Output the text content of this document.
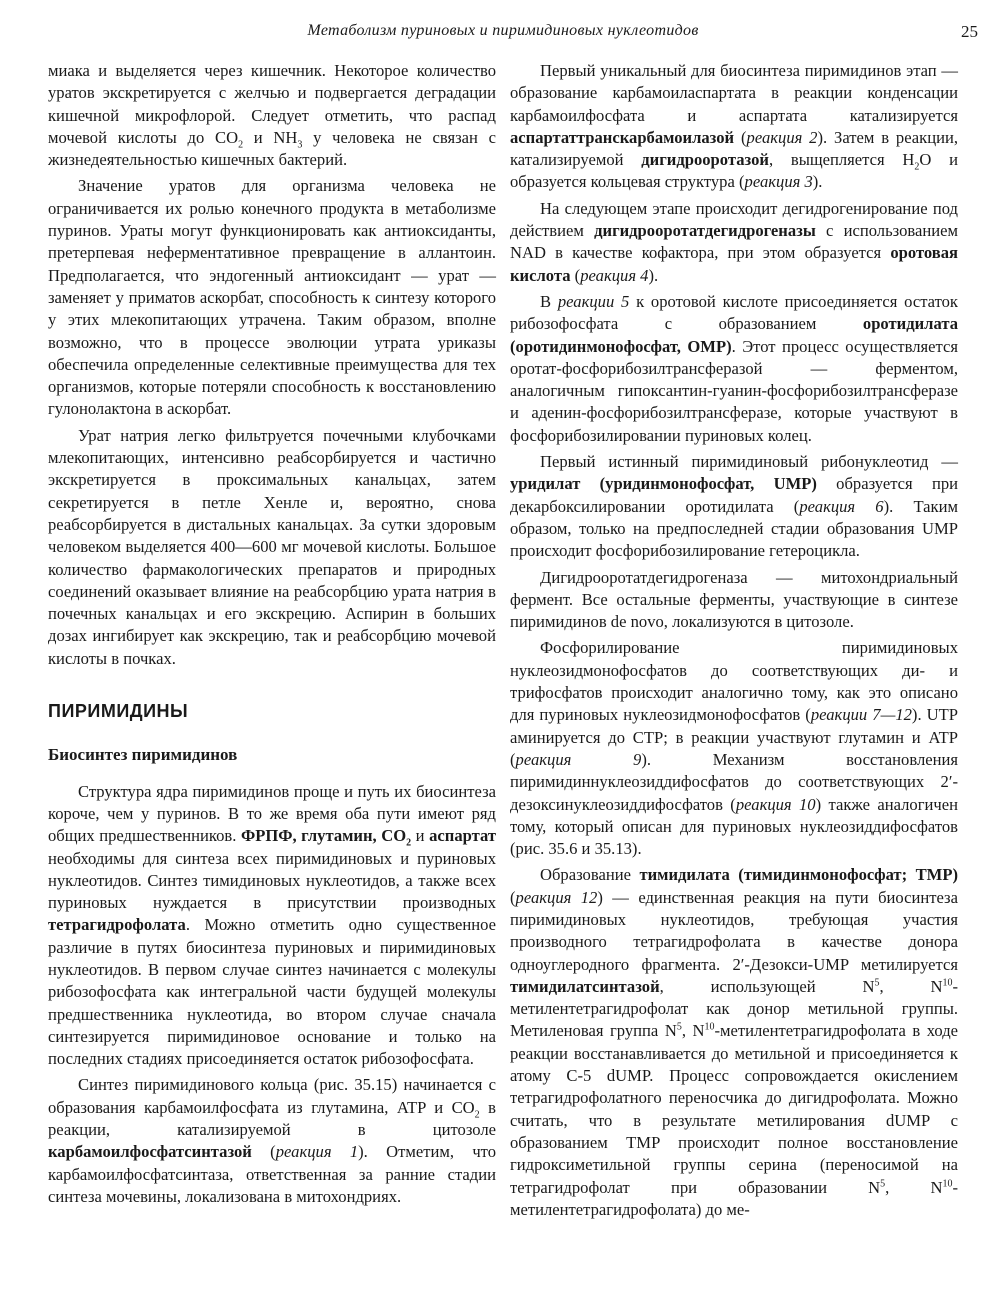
Метаболизм пуриновых и пиримидиновых нуклеотидов	25

миака и выделяется через кишечник. Некоторое количество уратов экскретируется с желчью и подвергается деградации кишечной микрофлорой. Следует отметить, что распад мочевой кислоты до $CO_2$ и $NH_3$ у человека не связан с жизнедеятельностью кишечных бактерий.

Значение уратов для организма человека не ограничивается их ролью конечного продукта в метаболизме пуринов. Ураты могут функционировать как антиоксиданты, претерпевая неферментативное превращение в аллантоин. Предполагается, что эндогенный антиоксидант — урат — заменяет у приматов аскорбат, способность к синтезу которого у этих млекопитающих утрачена. Таким образом, вполне возможно, что в процессе эволюции утрата уриказы обеспечила определенные селективные преимущества для тех организмов, которые потеряли способность к восстановлению гулонолактона в аскорбат.

Урат натрия легко фильтруется почечными клубочками млекопитающих, интенсивно реабсорбируется и частично экскретируется в проксимальных канальцах, затем секретируется в петле Хенле и, вероятно, снова реабсорбируется в дистальных канальцах. За сутки здоровым человеком выделяется 400—600 мг мочевой кислоты. Большое количество фармакологических препаратов и природных соединений оказывает влияние на реабсорбцию урата натрия в почечных канальцах и его экскрецию. Аспирин в больших дозах ингибирует как экскрецию, так и реабсорбцию мочевой кислоты в почках.

ПИРИМИДИНЫ
Биосинтез пиримидинов

Структура ядра пиримидинов проще и путь их биосинтеза короче, чем у пуринов. В то же время оба пути имеют ряд общих предшественников. ФРПФ, глутамин, $CO_2$ и аспартат необходимы для синтеза всех пиримидиновых и пуриновых нуклеотидов. Синтез тимидиновых нуклеотидов, а также всех пуриновых нуждается в присутствии производных тетрагидрофолата. Можно отметить одно существенное различие в путях биосинтеза пуриновых и пиримидиновых нуклеотидов. В первом случае синтез начинается с молекулы рибозофосфата как интегральной части будущей молекулы предшественника нуклеотида, во втором случае сначала синтезируется пиримидиновое основание и только на последних стадиях присоединяется остаток рибозофосфата.

Синтез пиримидинового кольца (рис. 35.15) начинается с образования карбамоилфосфата из глутамина, ATP и $CO_2$ в реакции, катализируемой в цитозоле карбамоилфосфатсинтазой (реакция 1). Отметим, что карбамоилфосфатсинтаза, ответственная за ранние стадии синтеза мочевины, локализована в митохондриях.

Первый уникальный для биосинтеза пиримидинов этап — образование карбамоиласпартата в реакции конденсации карбамоилфосфата и аспартата катализируется аспартаттранскарбамоилазой (реакция 2). Затем в реакции, катализируемой дигидрооротазой, выщепляется $H_2O$ и образуется кольцевая структура (реакция 3).

На следующем этапе происходит дегидрогенирование под действием дигидрооротатдегидрогеназы с использованием NAD в качестве кофактора, при этом образуется оротовая кислота (реакция 4).

В реакции 5 к оротовой кислоте присоединяется остаток рибозофосфата с образованием оротидилата (оротидинмонофосфат, OMP). Этот процесс осуществляется оротат-фосфорибозилтрансферазой — ферментом, аналогичным гипоксантин-гуанин-фосфорибозилтрансферазе и аденин-фосфорибозилтрансферазе, которые участвуют в фосфорибозилировании пуриновых колец.

Первый истинный пиримидиновый рибонуклеотид — уридилат (уридинмонофосфат, UMP) образуется при декарбоксилировании оротидилата (реакция 6). Таким образом, только на предпоследней стадии образования UMP происходит фосфорибозилирование гетероцикла.

Дигидрооротатдегидрогеназа — митохондриальный фермент. Все остальные ферменты, участвующие в синтезе пиримидинов de novo, локализуются в цитозоле.

Фосфорилирование пиримидиновых нуклеозидмонофосфатов до соответствующих ди- и трифосфатов происходит аналогично тому, как это описано для пуриновых нуклеозидмонофосфатов (реакции 7—12). UTP аминируется до CTP; в реакции участвуют глутамин и ATP (реакция 9). Механизм восстановления пиримидиннуклеозиддифосфатов до соответствующих 2′-дезоксинуклеозиддифосфатов (реакция 10) также аналогичен тому, который описан для пуриновых нуклеозиддифосфатов (рис. 35.6 и 35.13).

Образование тимидилата (тимидинмонофосфат; TMP) (реакция 12) — единственная реакция на пути биосинтеза пиримидиновых нуклеотидов, требующая участия производного тетрагидрофолата в качестве донора одноуглеродного фрагмента. 2′-Дезокси-UMP метилируется тимидилатсинтазой, использующей $N^5$, $N^{10}$-метилентетрагидрофолат как донор метильной группы. Метиленовая группа $N^5$, $N^{10}$-метилентетрагидрофолата в ходе реакции восстанавливается до метильной и присоединяется к атому C-5 dUMP. Процесс сопровождается окислением тетрагидрофолатного переносчика до дигидрофолата. Можно считать, что в результате метилирования dUMP с образованием TMP происходит полное восстановление гидроксиметильной группы серина (переносимой на тетрагидрофолат при образовании $N^5$, $N^{10}-метилентетрагидрофолата$) до ме-
